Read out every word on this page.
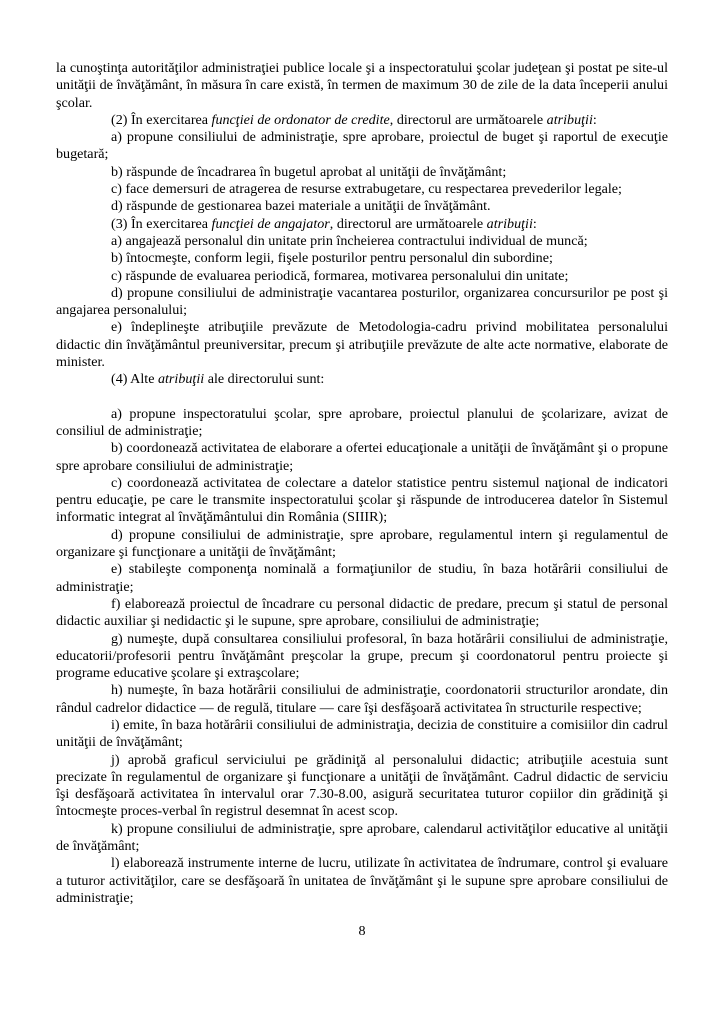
la cunoştinţa autorităţilor administraţiei publice locale şi a inspectoratului şcolar judeţean şi postat pe site-ul unităţii de învăţământ, în măsura în care există, în termen de maximum 30 de zile de la data începerii anului şcolar.

(2) În exercitarea funcţiei de ordonator de credite, directorul are următoarele atribuţii:

a) propune consiliului de administraţie, spre aprobare, proiectul de buget şi raportul de execuţie bugetară;

b) răspunde de încadrarea în bugetul aprobat al unităţii de învăţământ;

c) face demersuri de atragerea de resurse extrabugetare, cu respectarea prevederilor legale;

d) răspunde de gestionarea bazei materiale a unităţii de învăţământ.

(3) În exercitarea funcţiei de angajator, directorul are următoarele atribuţii:

a) angajează personalul din unitate prin încheierea contractului individual de muncă;

b) întocmeşte, conform legii, fişele posturilor pentru personalul din subordine;

c) răspunde de evaluarea periodică, formarea, motivarea personalului din unitate;

d) propune consiliului de administraţie vacantarea posturilor, organizarea concursurilor pe post şi angajarea personalului;

e) îndeplineşte atribuţiile prevăzute de Metodologia-cadru privind mobilitatea personalului didactic din învăţământul preuniversitar, precum şi atribuţiile prevăzute de alte acte normative, elaborate de minister.

(4) Alte atribuţii ale directorului sunt:

a) propune inspectoratului şcolar, spre aprobare, proiectul planului de şcolarizare, avizat de consiliul de administraţie;

b) coordonează activitatea de elaborare a ofertei educaţionale a unităţii de învăţământ şi o propune spre aprobare consiliului de administraţie;

c) coordonează activitatea de colectare a datelor statistice pentru sistemul naţional de indicatori pentru educaţie, pe care le transmite inspectoratului şcolar şi răspunde de introducerea datelor în Sistemul informatic integrat al învăţământului din România (SIIIR);

d) propune consiliului de administraţie, spre aprobare, regulamentul intern şi regulamentul de organizare şi funcţionare a unităţii de învăţământ;

e) stabileşte componenţa nominală a formaţiunilor de studiu, în baza hotărârii consiliului de administraţie;

f) elaborează proiectul de încadrare cu personal didactic de predare, precum şi statul de personal didactic auxiliar şi nedidactic şi le supune, spre aprobare, consiliului de administraţie;

g) numeşte, după consultarea consiliului profesoral, în baza hotărârii consiliului de administraţie, educatorii/profesorii pentru învăţământ preşcolar la grupe, precum şi coordonatorul pentru proiecte şi programe educative şcolare şi extraşcolare;

h) numeşte, în baza hotărârii consiliului de administraţie, coordonatorii structurilor arondate, din rândul cadrelor didactice — de regulă, titulare — care îşi desfăşoară activitatea în structurile respective;

i) emite, în baza hotărârii consiliului de administraţia, decizia de constituire a comisiilor din cadrul unităţii de învăţământ;

j) aprobă graficul serviciului pe grădiniţă al personalului didactic; atribuţiile acestuia sunt precizate în regulamentul de organizare şi funcţionare a unităţii de învăţământ. Cadrul didactic de serviciu îşi desfăşoară activitatea în intervalul orar 7.30-8.00, asigură securitatea tuturor copiilor din grădiniţă şi întocmeşte proces-verbal în registrul desemnat în acest scop.

k) propune consiliului de administraţie, spre aprobare, calendarul activităţilor educative al unităţii de învăţământ;

l) elaborează instrumente interne de lucru, utilizate în activitatea de îndrumare, control şi evaluare a tuturor activităţilor, care se desfăşoară în unitatea de învăţământ şi le supune spre aprobare consiliului de administraţie;

8
